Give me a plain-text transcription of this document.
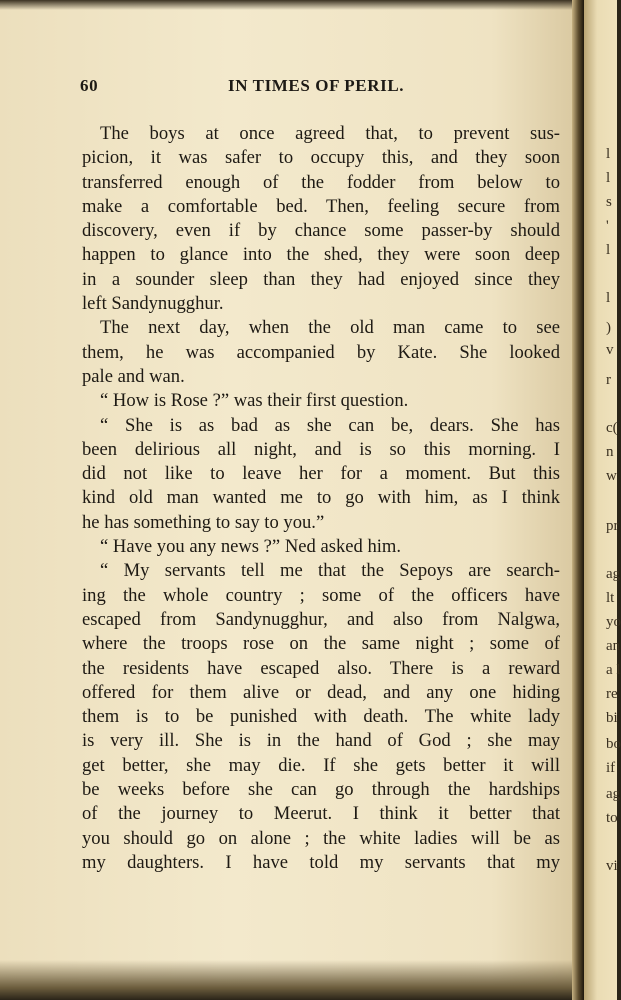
60	IN TIMES OF PERIL.
The boys at once agreed that, to prevent sus-
picion, it was safer to occupy this, and they soon
transferred enough of the fodder from below to
make a comfortable bed. Then, feeling secure from
discovery, even if by chance some passer-by should
happen to glance into the shed, they were soon deep
in a sounder sleep than they had enjoyed since they
left Sandynugghur.
The next day, when the old man came to see
them, he was accompanied by Kate. She looked
pale and wan.
“ How is Rose ?” was their first question.
“ She is as bad as she can be, dears. She has
been delirious all night, and is so this morning. I
did not like to leave her for a moment. But this
kind old man wanted me to go with him, as I think
he has something to say to you.”
“ Have you any news ?” Ned asked him.
“ My servants tell me that the Sepoys are search-
ing the whole country ; some of the officers have
escaped from Sandynugghur, and also from Nalgwa,
where the troops rose on the same night ; some of
the residents have escaped also. There is a reward
offered for them alive or dead, and any one hiding
them is to be punished with death. The white lady
is very ill. She is in the hand of God ; she may
get better, she may die. If she gets better it will
be weeks before she can go through the hardships
of the journey to Meerut. I think it better that
you should go on alone ; the white ladies will be as
my daughters. I have told my servants that my
l
l
s
'
l
l
)
v
r
c(
n
w
pr
ag
lt
yo
an
a l
re
bi
bo
if
ag
to
vi
